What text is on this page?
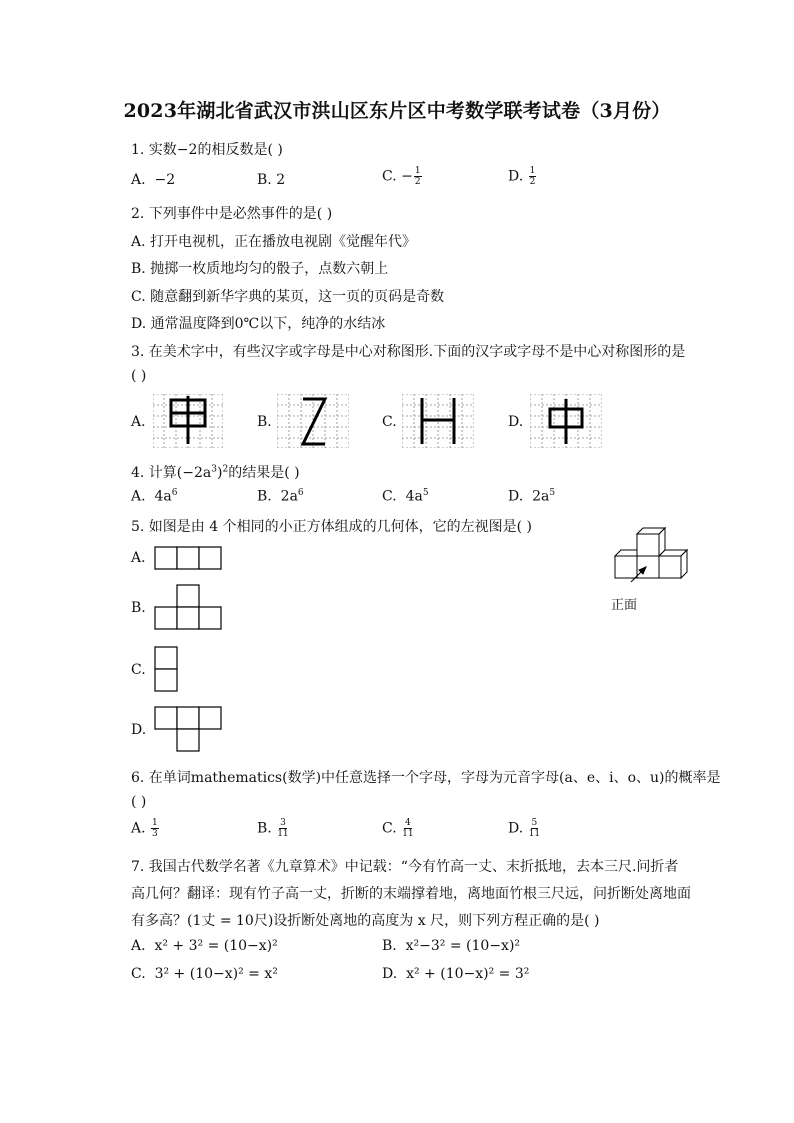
2023年湖北省武汉市洪山区东片区中考数学联考试卷（3月份）
1. 实数−2的相反数是( )
A. −2	B. 2	C. − $\frac{1}{2}$	D. $\frac{1}{2}$
2. 下列事件中是必然事件的是( )
A. 打开电视机，正在播放电视剧《觉醒年代》
B. 抛掷一枚质地均匀的骰子，点数六朝上
C. 随意翻到新华字典的某页，这一页的页码是奇数
D. 通常温度降到0℃以下，纯净的水结冰
3. 在美术字中，有些汉字或字母是中心对称图形.下面的汉字或字母不是中心对称图形的是
( )
A.	B.	C.	D.
4. 计算$(-2a^3)^2$的结果是( )
A. $4a^6$	B. $2a^6$	C. $4a^5$	D. $2a^5$
5. 如图是由 4 个相同的小正方体组成的几何体，它的左视图是( )
A.
B.
C.
D.
正面
6. 在单词mathematics(数学)中任意选择一个字母，字母为元音字母(a、e、i、o、u)的概率是
( )
A. $\frac{1}{3}$	B. $\frac{3}{11}$	C. $\frac{4}{11}$	D. $\frac{5}{11}$
7. 我国古代数学名著《九章算术》中记载：“今有竹高一丈、末折抵地，去本三尺.问折者
高几何？翻译：现有竹子高一丈，折断的末端撑着地，离地面竹根三尺远，问折断处离地面
有多高？(1丈 = 10尺)设折断处离地的高度为 x 尺，则下列方程正确的是( )
A. x² + 3² = (10−x)²	B. x²−3² = (10−x)²
C. 3² + (10−x)² = x²	D. x² + (10−x)² = 3²
